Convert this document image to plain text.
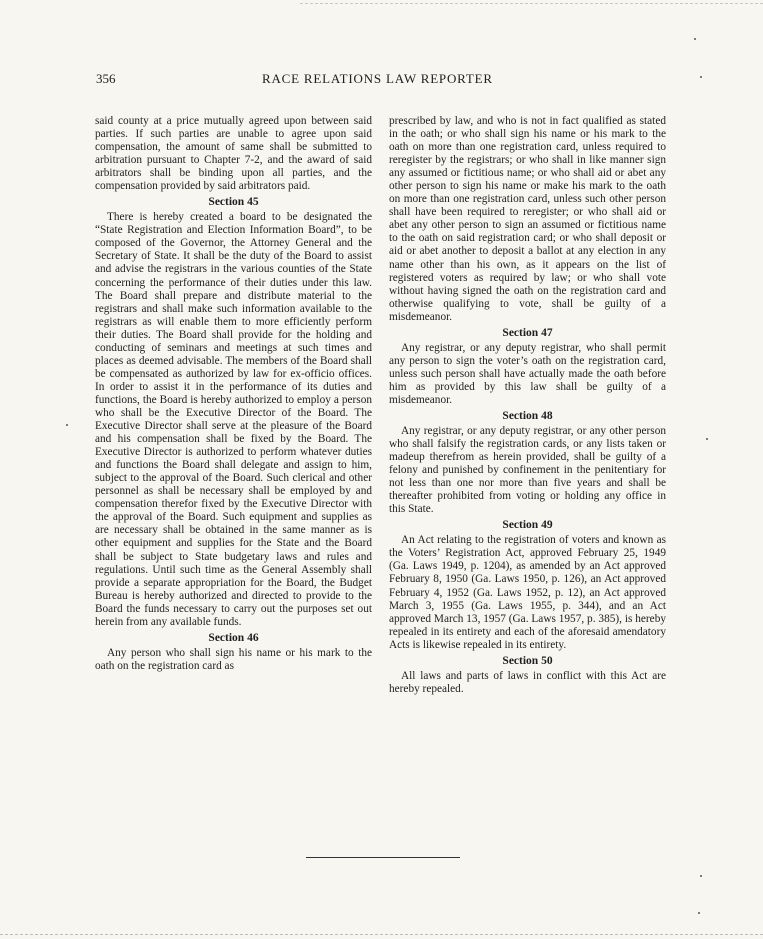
356	RACE RELATIONS LAW REPORTER

said county at a price mutually agreed upon between said parties. If such parties are unable to agree upon said compensation, the amount of same shall be submitted to arbitration pursuant to Chapter 7-2, and the award of said arbitrators shall be binding upon all parties, and the compensation provided by said arbitrators paid.

Section 45

There is hereby created a board to be designated the “State Registration and Election Information Board”, to be composed of the Governor, the Attorney General and the Secretary of State. It shall be the duty of the Board to assist and advise the registrars in the various counties of the State concerning the performance of their duties under this law. The Board shall prepare and distribute material to the registrars and shall make such information available to the registrars as will enable them to more efficiently perform their duties. The Board shall provide for the holding and conducting of seminars and meetings at such times and places as deemed advisable. The members of the Board shall be compensated as authorized by law for ex-officio offices. In order to assist it in the performance of its duties and functions, the Board is hereby authorized to employ a person who shall be the Executive Director of the Board. The Executive Director shall serve at the pleasure of the Board and his compensation shall be fixed by the Board. The Executive Director is authorized to perform whatever duties and functions the Board shall delegate and assign to him, subject to the approval of the Board. Such clerical and other personnel as shall be necessary shall be employed by and compensation therefor fixed by the Executive Director with the approval of the Board. Such equipment and supplies as are necessary shall be obtained in the same manner as is other equipment and supplies for the State and the Board shall be subject to State budgetary laws and rules and regulations. Until such time as the General Assembly shall provide a separate appropriation for the Board, the Budget Bureau is hereby authorized and directed to provide to the Board the funds necessary to carry out the purposes set out herein from any available funds.

Section 46

Any person who shall sign his name or his mark to the oath on the registration card as

prescribed by law, and who is not in fact qualified as stated in the oath; or who shall sign his name or his mark to the oath on more than one registration card, unless required to reregister by the registrars; or who shall in like manner sign any assumed or fictitious name; or who shall aid or abet any other person to sign his name or make his mark to the oath on more than one registration card, unless such other person shall have been required to reregister; or who shall aid or abet any other person to sign an assumed or fictitious name to the oath on said registration card; or who shall deposit or aid or abet another to deposit a ballot at any election in any name other than his own, as it appears on the list of registered voters as required by law; or who shall vote without having signed the oath on the registration card and otherwise qualifying to vote, shall be guilty of a misdemeanor.

Section 47

Any registrar, or any deputy registrar, who shall permit any person to sign the voter’s oath on the registration card, unless such person shall have actually made the oath before him as provided by this law shall be guilty of a misdemeanor.

Section 48

Any registrar, or any deputy registrar, or any other person who shall falsify the registration cards, or any lists taken or madeup therefrom as herein provided, shall be guilty of a felony and punished by confinement in the penitentiary for not less than one nor more than five years and shall be thereafter prohibited from voting or holding any office in this State.

Section 49

An Act relating to the registration of voters and known as the Voters’ Registration Act, approved February 25, 1949 (Ga. Laws 1949, p. 1204), as amended by an Act approved February 8, 1950 (Ga. Laws 1950, p. 126), an Act approved February 4, 1952 (Ga. Laws 1952, p. 12), an Act approved March 3, 1955 (Ga. Laws 1955, p. 344), and an Act approved March 13, 1957 (Ga. Laws 1957, p. 385), is hereby repealed in its entirety and each of the aforesaid amendatory Acts is likewise repealed in its entirety.

Section 50

All laws and parts of laws in conflict with this Act are hereby repealed.
